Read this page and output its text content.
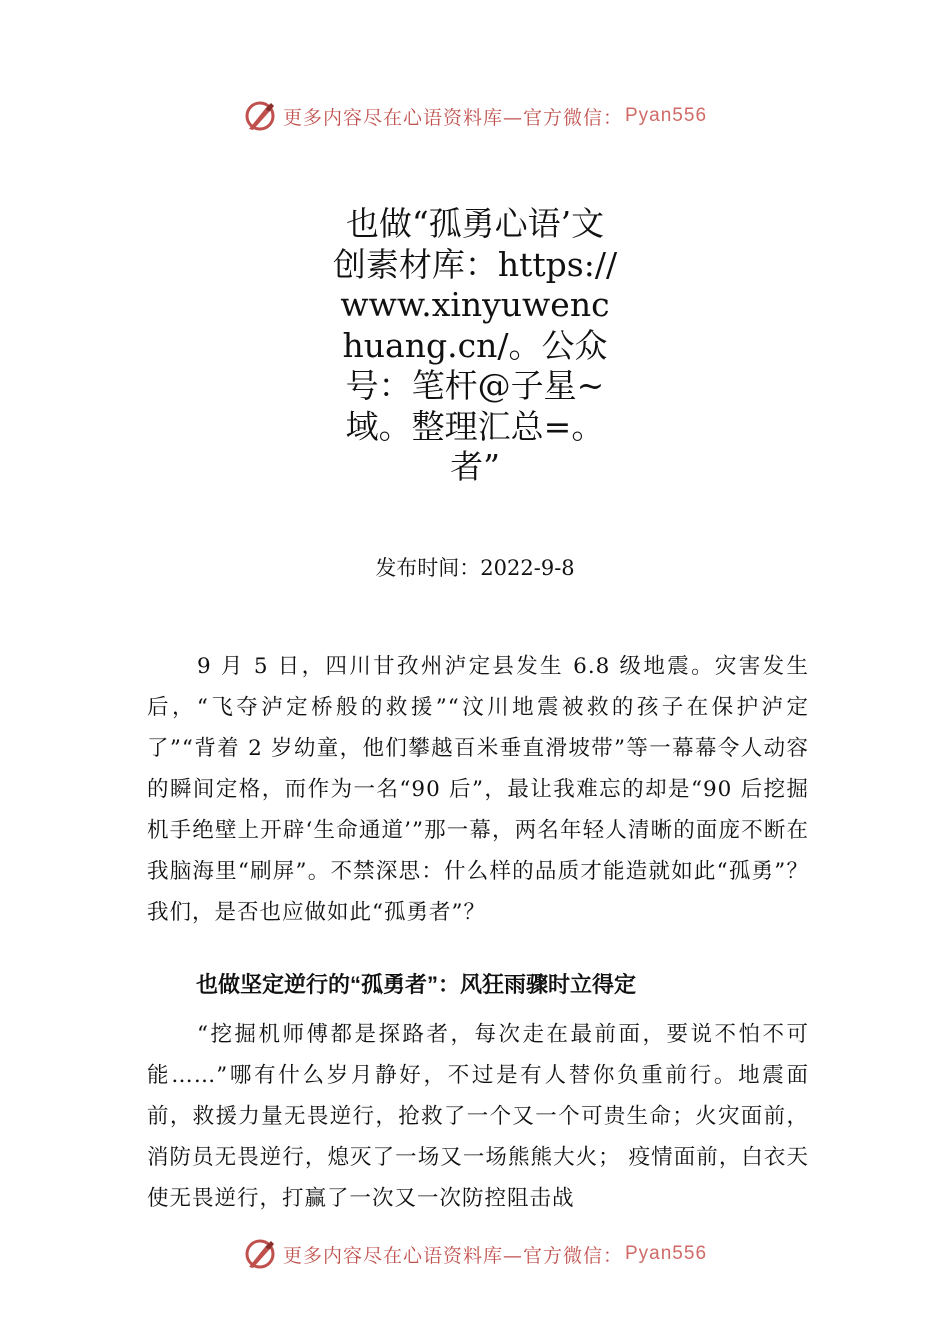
更多内容尽在心语资料库—官方微信： Pyan556
也做“孤勇心语’文创素材库：https://www.xinyuwenchuang.cn/。公众号：笔杆@子星~域。整理汇总=。者”
发布时间：2022-9-8
9 月 5 日，四川甘孜州泸定县发生 6.8 级地震。灾害发生后，“飞夺泸定桥般的救援”“汶川地震被救的孩子在保护泸定了”“背着 2 岁幼童，他们攀越百米垂直滑坡带”等一幕幕令人动容的瞬间定格，而作为一名“90 后”，最让我难忘的却是“90 后挖掘机手绝壁上开辟‘生命通道’”那一幕，两名年轻人清晰的面庞不断在我脑海里“刷屏”。不禁深思：什么样的品质才能造就如此“孤勇”？我们，是否也应做如此“孤勇者”？
也做坚定逆行的“孤勇者”：风狂雨骤时立得定
“挖掘机师傅都是探路者，每次走在最前面，要说不怕不可能……”哪有什么岁月静好，不过是有人替你负重前行。地震面前，救援力量无畏逆行，抢救了一个又一个可贵生命；火灾面前，消防员无畏逆行，熄灭了一场又一场熊熊大火； 疫情面前，白衣天使无畏逆行，打赢了一次又一次防控阻击战
更多内容尽在心语资料库—官方微信： Pyan556
